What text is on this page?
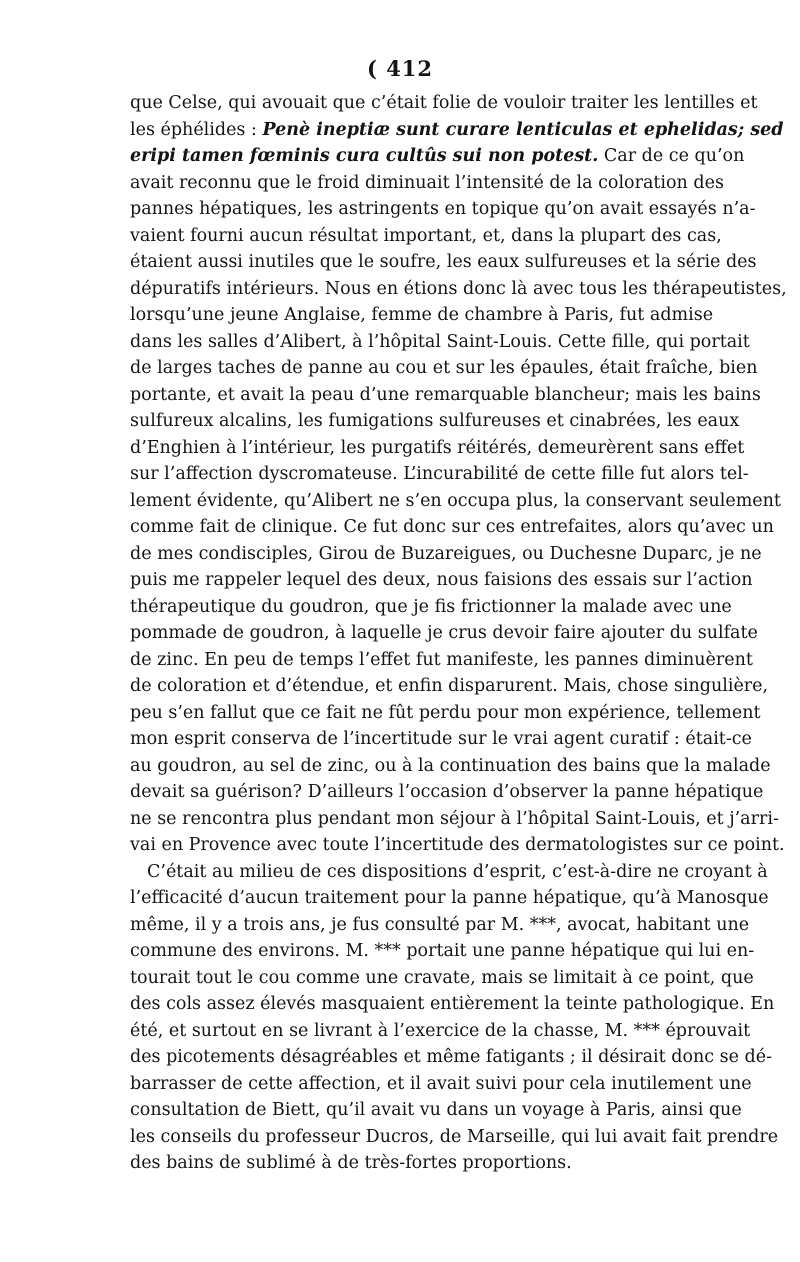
( 412
que Celse, qui avouait que c’était folie de vouloir traiter les lentilles et
les éphélides : Penè ineptiæ sunt curare lenticulas et ephelidas; sed
eripi tamen fœminis cura cultûs sui non potest. Car de ce qu’on
avait reconnu que le froid diminuait l’intensité de la coloration des
pannes hépatiques, les astringents en topique qu’on avait essayés n’a-
vaient fourni aucun résultat important, et, dans la plupart des cas,
étaient aussi inutiles que le soufre, les eaux sulfureuses et la série des
dépuratifs intérieurs. Nous en étions donc là avec tous les thérapeutistes,
lorsqu’une jeune Anglaise, femme de chambre à Paris, fut admise
dans les salles d’Alibert, à l’hôpital Saint-Louis. Cette fille, qui portait
de larges taches de panne au cou et sur les épaules, était fraîche, bien
portante, et avait la peau d’une remarquable blancheur; mais les bains
sulfureux alcalins, les fumigations sulfureuses et cinabrées, les eaux
d’Enghien à l’intérieur, les purgatifs réitérés, demeurèrent sans effet
sur l’affection dyscromateuse. L’incurabilité de cette fille fut alors tel-
lement évidente, qu’Alibert ne s’en occupa plus, la conservant seulement
comme fait de clinique. Ce fut donc sur ces entrefaites, alors qu’avec un
de mes condisciples, Girou de Buzareigues, ou Duchesne Duparc, je ne
puis me rappeler lequel des deux, nous faisions des essais sur l’action
thérapeutique du goudron, que je fis frictionner la malade avec une
pommade de goudron, à laquelle je crus devoir faire ajouter du sulfate
de zinc. En peu de temps l’effet fut manifeste, les pannes diminuèrent
de coloration et d’étendue, et enfin disparurent. Mais, chose singulière,
peu s’en fallut que ce fait ne fût perdu pour mon expérience, tellement
mon esprit conserva de l’incertitude sur le vrai agent curatif : était-ce
au goudron, au sel de zinc, ou à la continuation des bains que la malade
devait sa guérison? D’ailleurs l’occasion d’observer la panne hépatique
ne se rencontra plus pendant mon séjour à l’hôpital Saint-Louis, et j’arri-
vai en Provence avec toute l’incertitude des dermatologistes sur ce point.
C’était au milieu de ces dispositions d’esprit, c’est-à-dire ne croyant à
l’efficacité d’aucun traitement pour la panne hépatique, qu’à Manosque
même, il y a trois ans, je fus consulté par M. ***, avocat, habitant une
commune des environs. M. *** portait une panne hépatique qui lui en-
tourait tout le cou comme une cravate, mais se limitait à ce point, que
des cols assez élevés masquaient entièrement la teinte pathologique. En
été, et surtout en se livrant à l’exercice de la chasse, M. *** éprouvait
des picotements désagréables et même fatigants ; il désirait donc se dé-
barrasser de cette affection, et il avait suivi pour cela inutilement une
consultation de Biett, qu’il avait vu dans un voyage à Paris, ainsi que
les conseils du professeur Ducros, de Marseille, qui lui avait fait prendre
des bains de sublimé à de très-fortes proportions.
